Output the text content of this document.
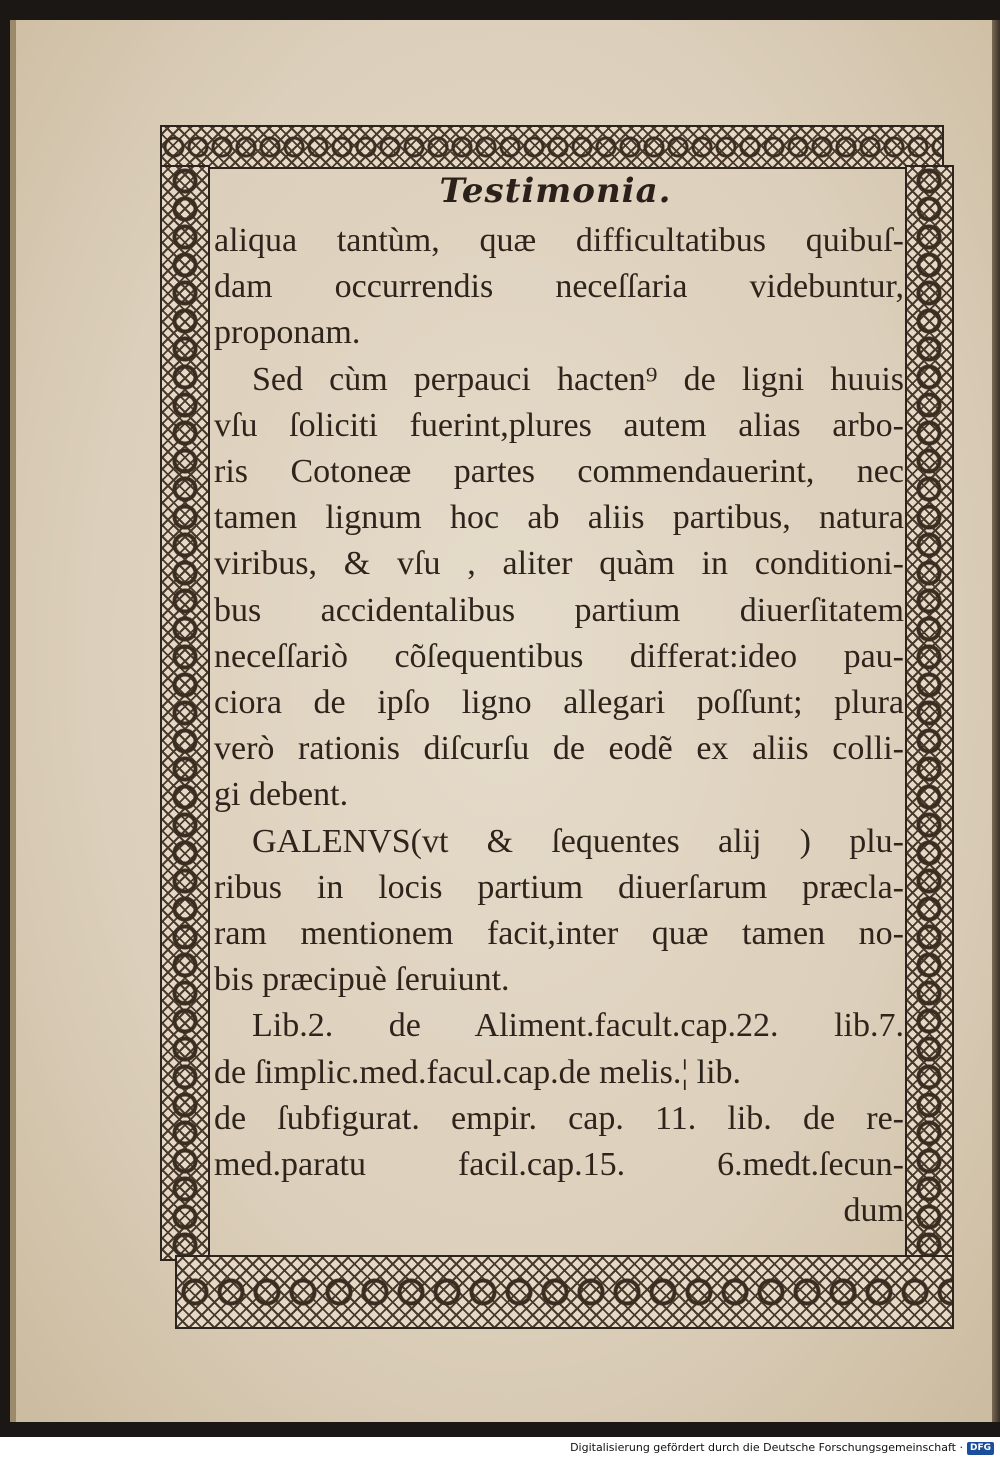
Testimonia.
aliqua tantùm, quæ difficultatibus quibuſ-
dam occurrendis neceſſaria videbuntur,
proponam.
Sed cùm perpauci hacten⁹ de ligni huuis
vſu ſoliciti fuerint,plures autem alias arbo-
ris Cotoneæ partes commendauerint, nec
tamen lignum hoc ab aliis partibus, natura
viribus, & vſu , aliter quàm in conditioni-
bus accidentalibus partium diuerſitatem
neceſſariò cõſequentibus differat:ideo pau-
ciora de ipſo ligno allegari poſſunt; plura
verò rationis diſcurſu de eodẽ ex aliis colli-
gi debent.
GALENVS(vt & ſequentes alij ) plu-
ribus in locis partium diuerſarum præcla-
ram mentionem facit,inter quæ tamen no-
bis præcipuè ſeruiunt.
Lib.2. de Aliment.facult.cap.22. lib.7.
de ſimplic.med.facul.cap.de melis.¦ lib.
de ſubfigurat. empir. cap. 11. lib. de re-
med.paratu facil.cap.15. 6.medt.ſecun-
dum
Digitalisierung gefördert durch die Deutsche Forschungsgemeinschaft · DFG
